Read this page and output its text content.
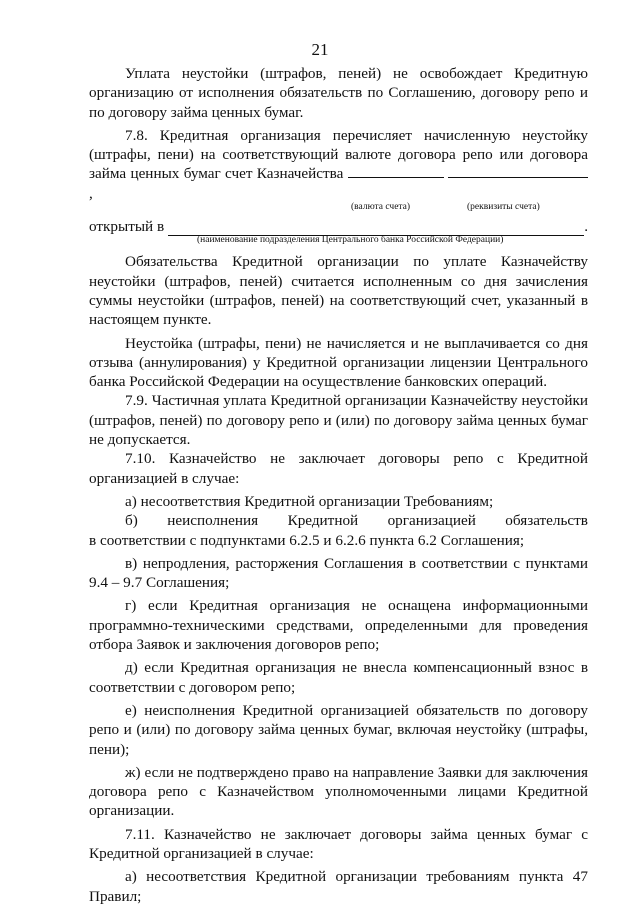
21

Уплата неустойки (штрафов, пеней) не освобождает Кредитную организацию от исполнения обязательств по Соглашению, договору репо и по договору займа ценных бумаг.

7.8. Кредитная организация перечисляет начисленную неустойку (штрафы, пени) на соответствующий валюте договора репо или договора займа ценных бумаг счет Казначейства  ,

(валюта счета)	(реквизиты счета)
открытый в	.
(наименование подразделения Центрального банка Российской Федерации)

Обязательства Кредитной организации по уплате Казначейству неустойки (штрафов, пеней) считается исполненным со дня зачисления суммы неустойки (штрафов, пеней) на соответствующий счет, указанный в настоящем пункте.

Неустойка (штрафы, пени) не начисляется и не выплачивается со дня отзыва (аннулирования) у Кредитной организации лицензии Центрального банка Российской Федерации на осуществление банковских операций.

7.9. Частичная уплата Кредитной организации Казначейству неустойки (штрафов, пеней) по договору репо и (или) по договору займа ценных бумаг не допускается.

7.10. Казначейство не заключает договоры репо с Кредитной организацией в случае:

а) несоответствия Кредитной организации Требованиям;

б) неисполнения Кредитной организацией обязательств

в соответствии с подпунктами 6.2.5 и 6.2.6 пункта 6.2 Соглашения;

в) непродления, расторжения Соглашения в соответствии с пунктами 9.4 – 9.7 Соглашения;

г) если Кредитная организация не оснащена информационными программно-техническими средствами, определенными для проведения отбора Заявок и заключения договоров репо;

д) если Кредитная организация не внесла компенсационный взнос в соответствии с договором репо;

е) неисполнения Кредитной организацией обязательств по договору репо и (или) по договору займа ценных бумаг, включая неустойку (штрафы, пени);

ж) если не подтверждено право на направление Заявки для заключения договора репо с Казначейством уполномоченными лицами Кредитной организации.

7.11. Казначейство не заключает договоры займа ценных бумаг с Кредитной организацией в случае:

а) несоответствия Кредитной организации требованиям пункта 47 Правил;
